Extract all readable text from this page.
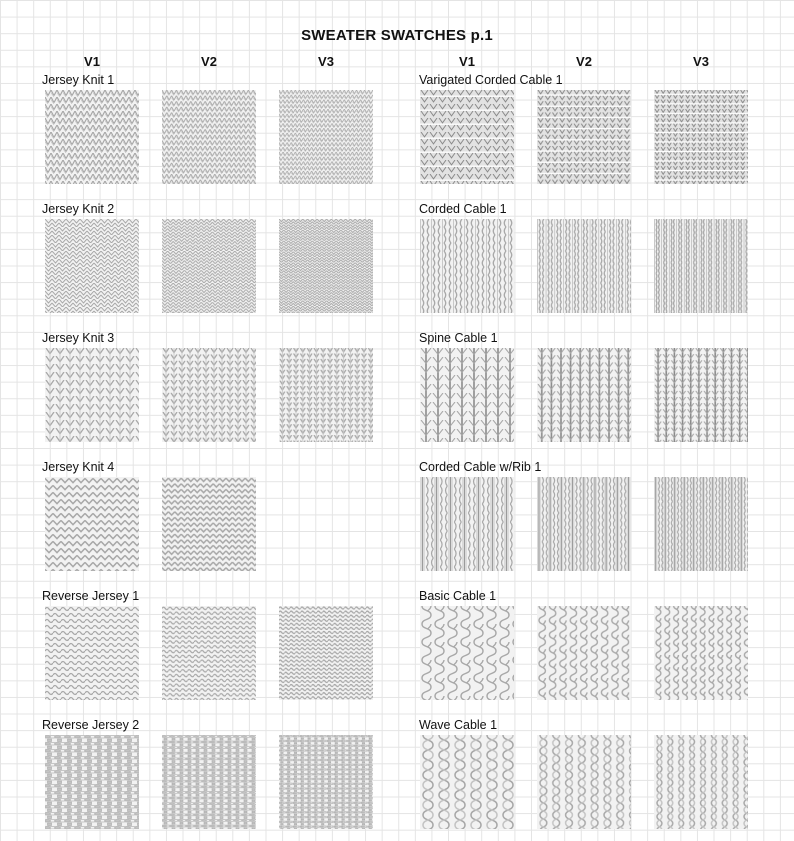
SWEATER SWATCHES p.1
V1	V2	V3	V1	V2	V3
Jersey Knit 1
Jersey Knit 2
Jersey Knit 3
Jersey Knit 4
Reverse Jersey 1
Reverse Jersey 2
Varigated Corded Cable 1
Corded Cable 1
Spine Cable 1
Corded Cable w/Rib 1
Basic Cable 1
Wave Cable 1
